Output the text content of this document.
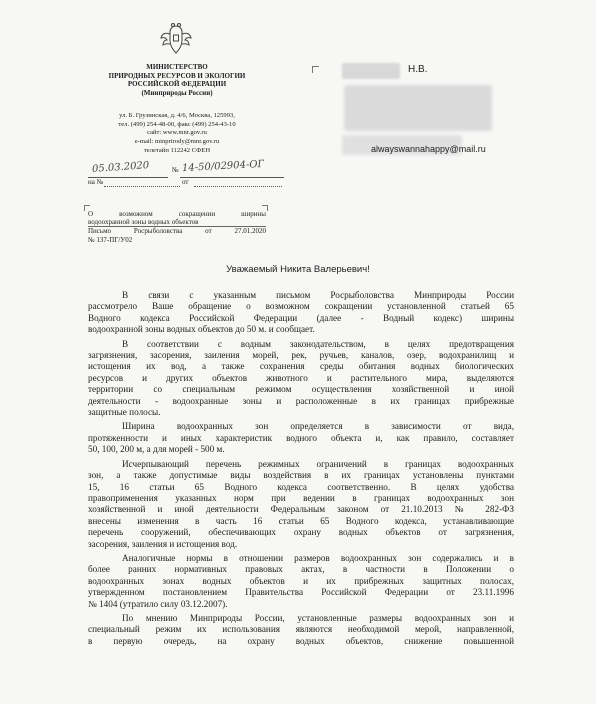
МИНИСТЕРСТВО
ПРИРОДНЫХ РЕСУРСОВ И ЭКОЛОГИИ
РОССИЙСКОЙ ФЕДЕРАЦИИ
(Минприроды России)
ул. Б. Грузинская, д. 4/6, Москва, 125993,
тел. (499) 254-48-00, факс (499) 254-43-10
сайт: www.mnr.gov.ru
e-mail: minprirody@mnr.gov.ru
телетайп 112242 СФЕН
05.03.2020	№ 14-50/02904-ОГ
на №	от
О возможном сокращении ширины
водоохранной зоны водных объектов
Письмо Росрыболовства от 27.01.2020
№ 137-ПГ/У02
Н.В.
alwayswannahappy@mail.ru
Уважаемый Никита Валерьевич!
В связи с указанным письмом Росрыболовства Минприроды России
рассмотрело Ваше обращение о возможном сокращении установленной статьей 65
Водного кодекса Российской Федерации (далее - Водный кодекс) ширины
водоохранной зоны водных объектов до 50 м. и сообщает.
В соответствии с водным законодательством, в целях предотвращения
загрязнения, засорения, заиления морей, рек, ручьев, каналов, озер, водохранилищ и
истощения их вод, а также сохранения среды обитания водных биологических
ресурсов и других объектов животного и растительного мира, выделяются
территории со специальным режимом осуществления хозяйственной и иной
деятельности - водоохранные зоны и расположенные в их границах прибрежные
защитные полосы.
Ширина водоохранных зон определяется в зависимости от вида,
протяженности и иных характеристик водного объекта и, как правило, составляет
50, 100, 200 м, а для морей - 500 м.
Исчерпывающий перечень режимных ограничений в границах водоохранных
зон, а также допустимые виды воздействия в их границах установлены пунктами
15, 16 статьи 65 Водного кодекса соответственно. В целях удобства
правоприменения указанных норм при ведении в границах водоохранных зон
хозяйственной и иной деятельности Федеральным законом от 21.10.2013 № 282-ФЗ
внесены изменения в часть 16 статьи 65 Водного кодекса, устанавливающие
перечень сооружений, обеспечивающих охрану водных объектов от загрязнения,
засорения, заиления и истощения вод.
Аналогичные нормы в отношении размеров водоохранных зон содержались и в
более ранних нормативных правовых актах, в частности в Положении о
водоохранных зонах водных объектов и их прибрежных защитных полосах,
утвержденном постановлением Правительства Российской Федерации от 23.11.1996
№ 1404 (утратило силу 03.12.2007).
По мнению Минприроды России, установленные размеры водоохранных зон и
специальный режим их использования являются необходимой мерой, направленной,
в первую очередь, на охрану водных объектов, снижение повышенной
